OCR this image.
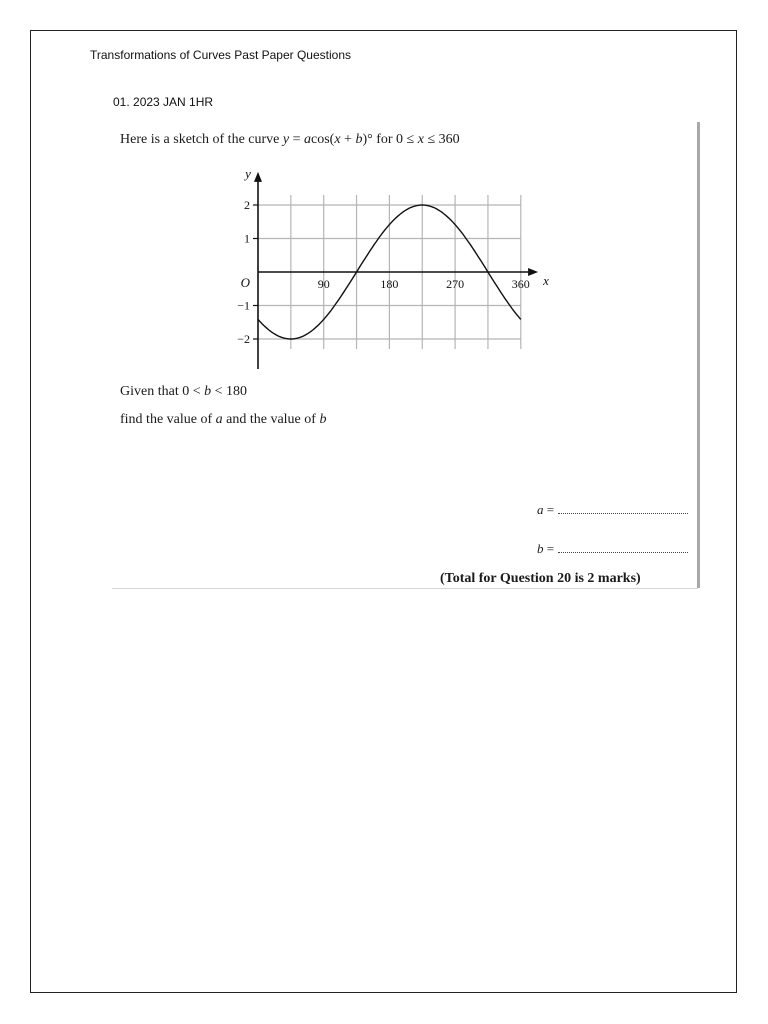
Transformations of Curves Past Paper Questions
01. 2023 JAN 1HR
Here is a sketch of the curve y = acos(x + b)° for 0 ≤ x ≤ 360
2
1
−1
−2
90	180	270	360
O
y
x
Given that 0 < b < 180
find the value of a and the value of b
a =
b =
(Total for Question 20 is 2 marks)
